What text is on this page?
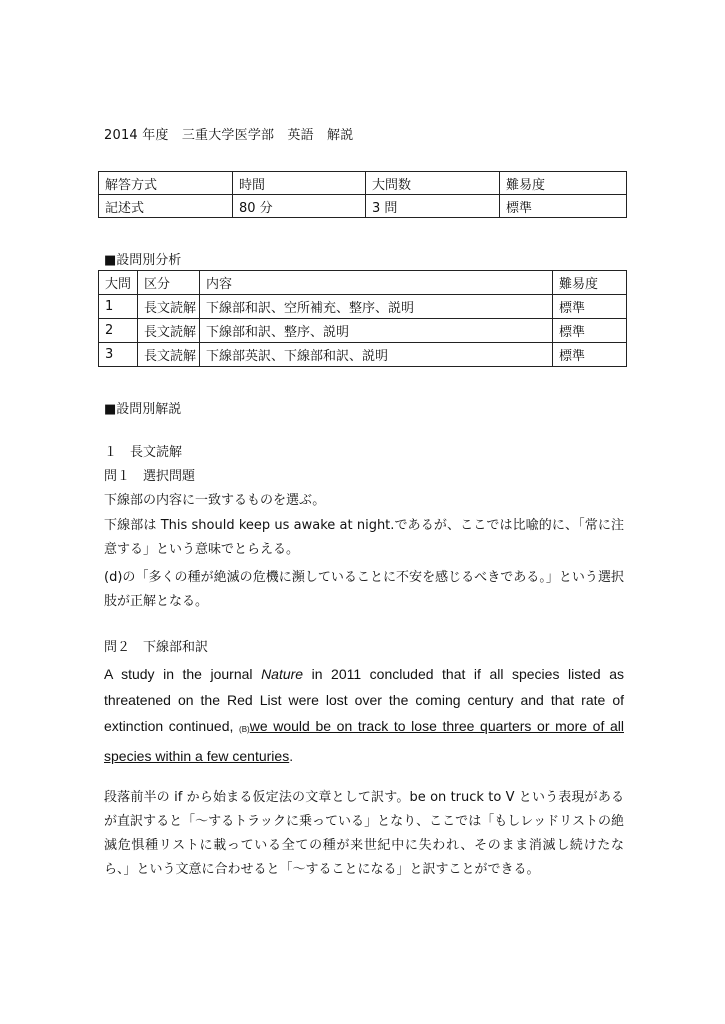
2014 年度　三重大学医学部　英語　解説
解答方式	時間	大問数	難易度
記述式	80 分	3 問	標準
■設問別分析
大問	区分	内容	難易度
1	長文読解	下線部和訳、空所補充、整序、説明	標準
2	長文読解	下線部和訳、整序、説明	標準
3	長文読解	下線部英訳、下線部和訳、説明	標準
■設問別解説
１　長文読解
問１　選択問題
下線部の内容に一致するものを選ぶ。
下線部は This should keep us awake at night.であるが、ここでは比喩的に、「常に注意する」という意味でとらえる。
(d)の「多くの種が絶滅の危機に瀕していることに不安を感じるべきである。」という選択肢が正解となる。
問２　下線部和訳
A study in the journal Nature in 2011 concluded that if all species listed as threatened on the Red List were lost over the coming century and that rate of extinction continued, (B)we would be on track to lose three quarters or more of all species within a few centuries.
段落前半の if から始まる仮定法の文章として訳す。be on truck to V という表現があるが直訳すると「～するトラックに乗っている」となり、ここでは「もしレッドリストの絶滅危惧種リストに載っている全ての種が来世紀中に失われ、そのまま消滅し続けたなら、」という文意に合わせると「～することになる」と訳すことができる。
